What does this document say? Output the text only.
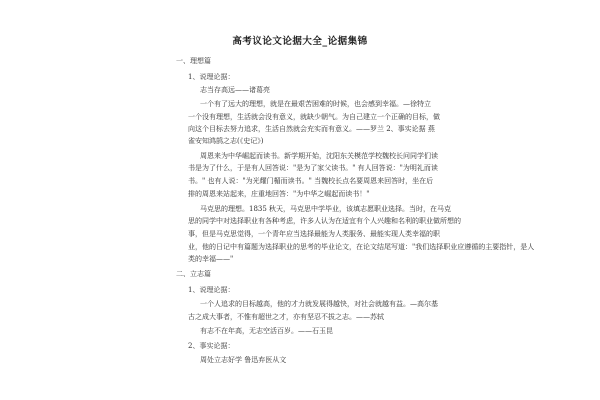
高考议论文论据大全_论据集锦
一、理想篇
1、说理论据：
志当存高远——诸葛亮
一个有了远大的理想，就是在最艰苦困难的时候，也会感到幸福。—徐特立
一个没有理想，生活就会没有意义，就缺少朝气。为自己建立一个正确的目标，做
向这个目标去努力追求，生活自然就会充实而有意义。——罗兰 2、事实论据 燕
雀安知鸿鹄之志(《史记》)
周恩来为中华崛起而读书。新学期开始，沈阳东关模范学校魏校长问同学们读
书是为了什么，于是有人回答说："是为了家父读书。" 有人回答说："为明礼而读
书。" 也有人说："为光耀门楣而读书。" 当魏校长点名要周恩来回答时，坐在后
排的周恩来站起来，庄重地回答："为中华之崛起而读书！"
马克思的理想。1835 秋天，马克思中学毕业，该填志愿职业选择。当时，在马克
思的同学中对选择职业有各种考虑，许多人认为在适宜有个人兴趣和名利的职业做所想的
事，但是马克思觉得，一个青年应当选择最能为人类服务、最能实现人类幸福的职
业，他的日记中有篇题为选择职业的思考的毕业论文，在论文结尾写道："我们选择职业应遵循的主要指针，是人
类的幸福——"
二、立志篇
1、说理论据：
一个人追求的目标越高，他的才力就发展得越快，对社会就越有益。—高尔基
古之成大事者，不惟有超世之才，亦有坚忍不拔之志。——苏轼
有志不在年高，无志空活百岁。——石玉昆
2、事实论据：
周处立志好学 鲁迅弃医从文
